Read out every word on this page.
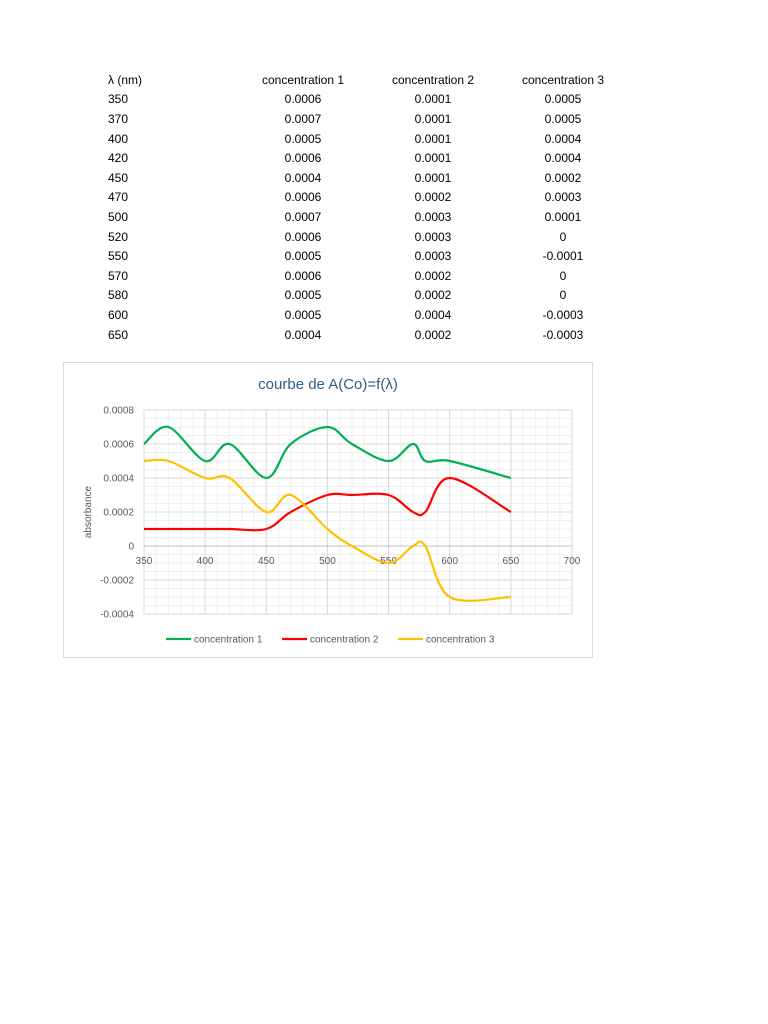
λ (nm)	concentration 1	concentration 2	concentration 3
350	0.0006	0.0001	0.0005
370	0.0007	0.0001	0.0005
400	0.0005	0.0001	0.0004
420	0.0006	0.0001	0.0004
450	0.0004	0.0001	0.0002
470	0.0006	0.0002	0.0003
500	0.0007	0.0003	0.0001
520	0.0006	0.0003	0
550	0.0005	0.0003	-0.0001
570	0.0006	0.0002	0
580	0.0005	0.0002	0
600	0.0005	0.0004	-0.0003
650	0.0004	0.0002	-0.0003
0.0008
0.0006
0.0004
0.0002
0
-0.0002
-0.0004
350	400	450	500	550	600	650	700
courbe de A(Co)=f(λ)
absorbance
concentration 1	concentration 2	concentration 3
